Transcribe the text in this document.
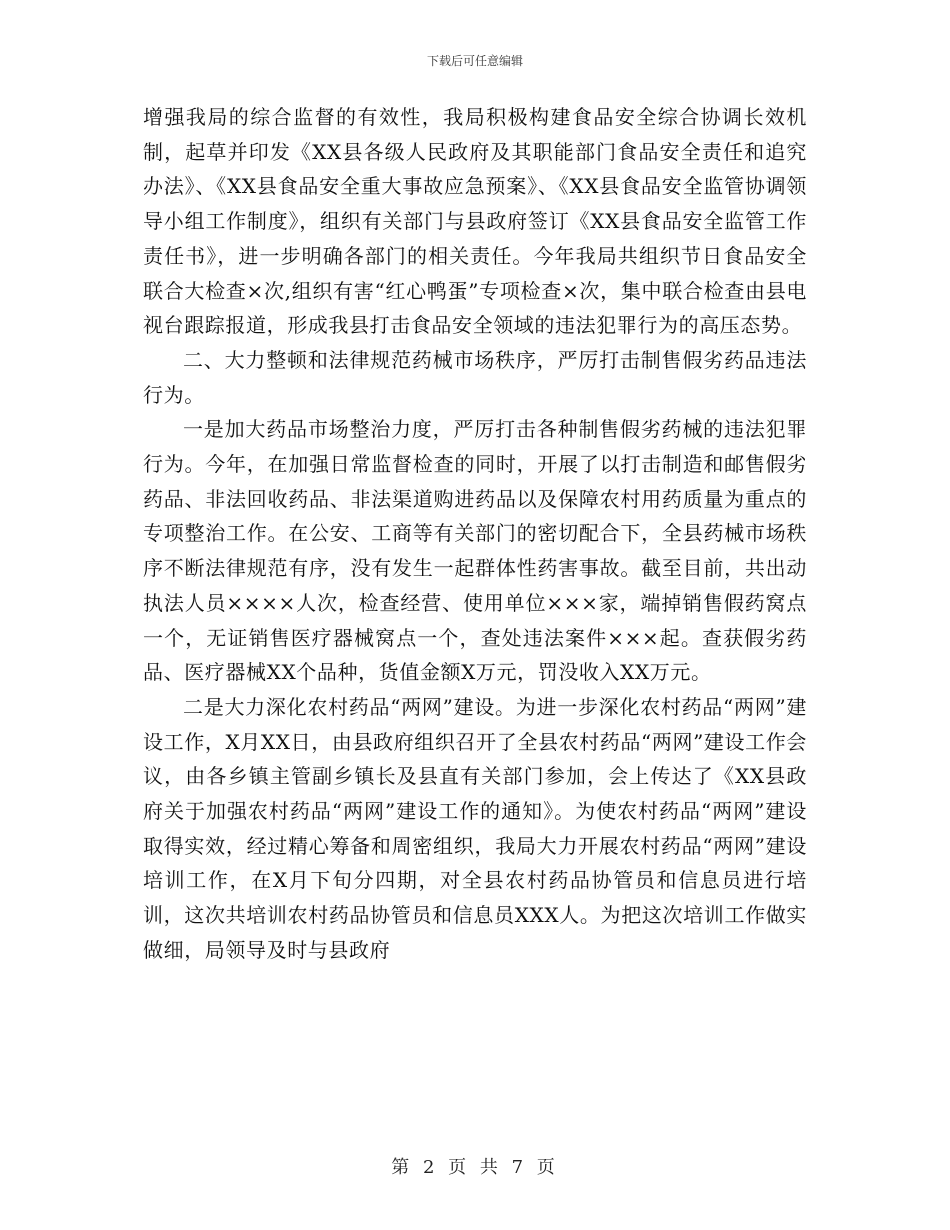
下载后可任意编辑

增强我局的综合监督的有效性，我局积极构建食品安全综合协调长效机制，起草并印发《XX县各级人民政府及其职能部门食品安全责任和追究办法》、《XX县食品安全重大事故应急预案》、《XX县食品安全监管协调领导小组工作制度》，组织有关部门与县政府签订《XX县食品安全监管工作责任书》，进一步明确各部门的相关责任。今年我局共组织节日食品安全联合大检查×次,组织有害“红心鸭蛋”专项检查×次，集中联合检查由县电视台跟踪报道，形成我县打击食品安全领域的违法犯罪行为的高压态势。

二、大力整顿和法律规范药械市场秩序，严厉打击制售假劣药品违法行为。

一是加大药品市场整治力度，严厉打击各种制售假劣药械的违法犯罪行为。今年，在加强日常监督检查的同时，开展了以打击制造和邮售假劣药品、非法回收药品、非法渠道购进药品以及保障农村用药质量为重点的专项整治工作。在公安、工商等有关部门的密切配合下，全县药械市场秩序不断法律规范有序，没有发生一起群体性药害事故。截至目前，共出动执法人员××××人次，检查经营、使用单位×××家，端掉销售假药窝点一个，无证销售医疗器械窝点一个，查处违法案件×××起。查获假劣药品、医疗器械XX个品种，货值金额X万元，罚没收入XX万元。

二是大力深化农村药品“两网”建设。为进一步深化农村药品“两网”建设工作，X月XX日，由县政府组织召开了全县农村药品“两网”建设工作会议，由各乡镇主管副乡镇长及县直有关部门参加，会上传达了《XX县政府关于加强农村药品“两网”建设工作的通知》。为使农村药品“两网”建设取得实效，经过精心筹备和周密组织，我局大力开展农村药品“两网”建设培训工作，在X月下旬分四期，对全县农村药品协管员和信息员进行培训，这次共培训农村药品协管员和信息员XXX人。为把这次培训工作做实做细，局领导及时与县政府

第 2 页 共 7 页
